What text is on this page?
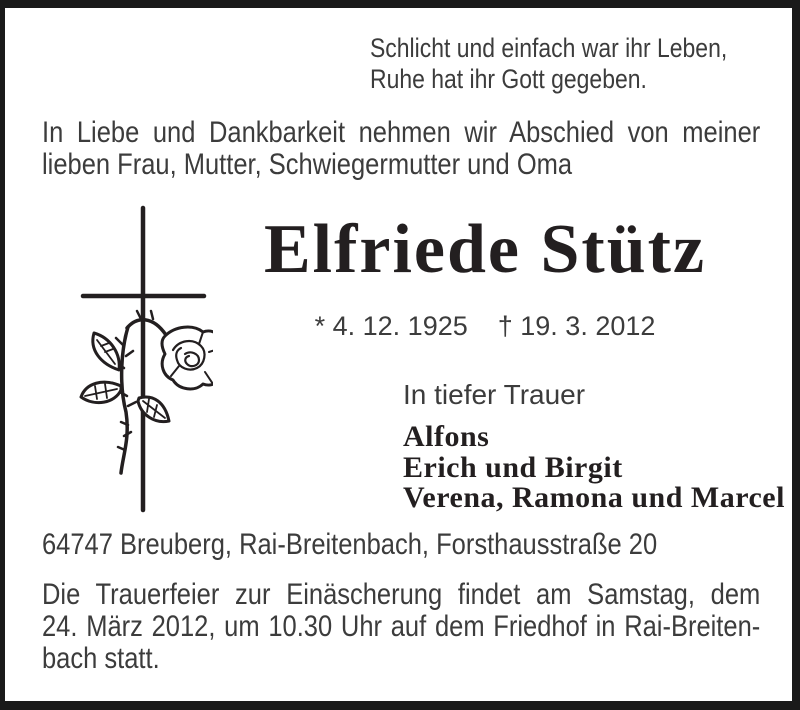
Schlicht und einfach war ihr Leben,
Ruhe hat ihr Gott gegeben.
In Liebe und Dankbarkeit nehmen wir Abschied von meiner
lieben Frau, Mutter, Schwiegermutter und Oma
Elfriede Stütz
* 4. 12. 1925 † 19. 3. 2012
In tiefer Trauer
Alfons
Erich und Birgit
Verena, Ramona und Marcel
64747 Breuberg, Rai-Breitenbach, Forsthausstraße 20
Die Trauerfeier zur Einäscherung findet am Samstag, dem
24. März 2012, um 10.30 Uhr auf dem Friedhof in Rai-Breiten-
bach statt.
